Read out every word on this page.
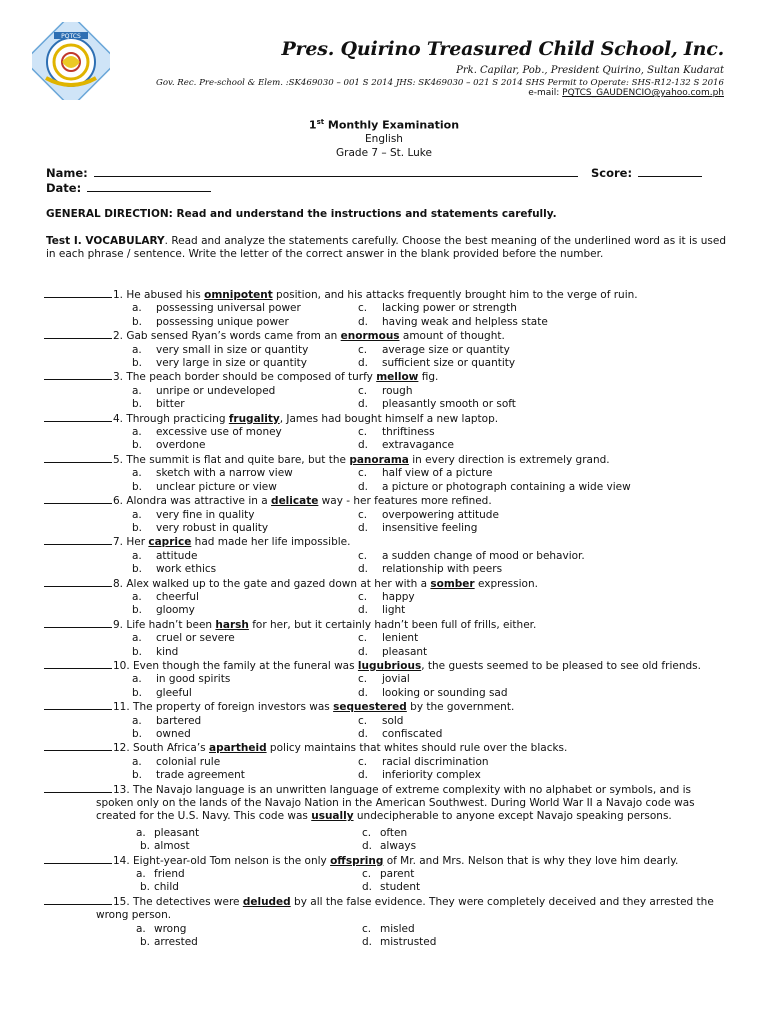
PQTCS
Pres. Quirino Treasured Child School, Inc.
Prk. Capilar, Pob., President Quirino, Sultan Kudarat
Gov. Rec. Pre-school & Elem. :SK469030 – 001 S 2014 JHS: SK469030 – 021 S 2014 SHS Permit to Operate: SHS-R12-132 S 2016
e-mail: PQTCS_GAUDENCIO@yahoo.com.ph
1st Monthly Examination
English
Grade 7 – St. Luke
Name:	Score:
Date:
GENERAL DIRECTION: Read and understand the instructions and statements carefully.
Test I. VOCABULARY. Read and analyze the statements carefully. Choose the best meaning of the underlined word as it is used in each phrase / sentence. Write the letter of the correct answer in the blank provided before the number.
1. He abused his omnipotent position, and his attacks frequently brought him to the verge of ruin.
a. possessing universal power	c. lacking power or strength
b. possessing unique power	d. having weak and helpless state
2. Gab sensed Ryan’s words came from an enormous amount of thought.
a. very small in size or quantity	c. average size or quantity
b. very large in size or quantity	d. sufficient size or quantity
3. The peach border should be composed of turfy mellow fig.
a. unripe or undeveloped	c. rough
b. bitter	d. pleasantly smooth or soft
4. Through practicing frugality, James had bought himself a new laptop.
a. excessive use of money	c. thriftiness
b. overdone	d. extravagance
5. The summit is flat and quite bare, but the panorama in every direction is extremely grand.
a. sketch with a narrow view	c. half view of a picture
b. unclear picture or view	d. a picture or photograph containing a wide view
6. Alondra was attractive in a delicate way - her features more refined.
a. very fine in quality	c. overpowering attitude
b. very robust in quality	d. insensitive feeling
7. Her caprice had made her life impossible.
a. attitude	c. a sudden change of mood or behavior.
b. work ethics	d. relationship with peers
8. Alex walked up to the gate and gazed down at her with a somber expression.
a. cheerful	c. happy
b. gloomy	d. light
9. Life hadn’t been harsh for her, but it certainly hadn’t been full of frills, either.
a. cruel or severe	c. lenient
b. kind	d. pleasant
10. Even though the family at the funeral was lugubrious, the guests seemed to be pleased to see old friends.
a. in good spirits	c. jovial
b. gleeful	d. looking or sounding sad
11. The property of foreign investors was sequestered by the government.
a. bartered	c. sold
b. owned	d. confiscated
12. South Africa’s apartheid policy maintains that whites should rule over the blacks.
a. colonial rule	c. racial discrimination
b. trade agreement	d. inferiority complex
13. The Navajo language is an unwritten language of extreme complexity with no alphabet or symbols, and is spoken only on the lands of the Navajo Nation in the American Southwest. During World War II a Navajo code was created for the U.S. Navy. This code was usually undecipherable to anyone except Navajo speaking persons.
a. pleasant	c. often
b. almost	d. always
14. Eight-year-old Tom nelson is the only offspring of Mr. and Mrs. Nelson that is why they love him dearly.
a. friend	c. parent
b. child	d. student
15. The detectives were deluded by all the false evidence. They were completely deceived and they arrested the wrong person.
a. wrong	c. misled
b. arrested	d. mistrusted
